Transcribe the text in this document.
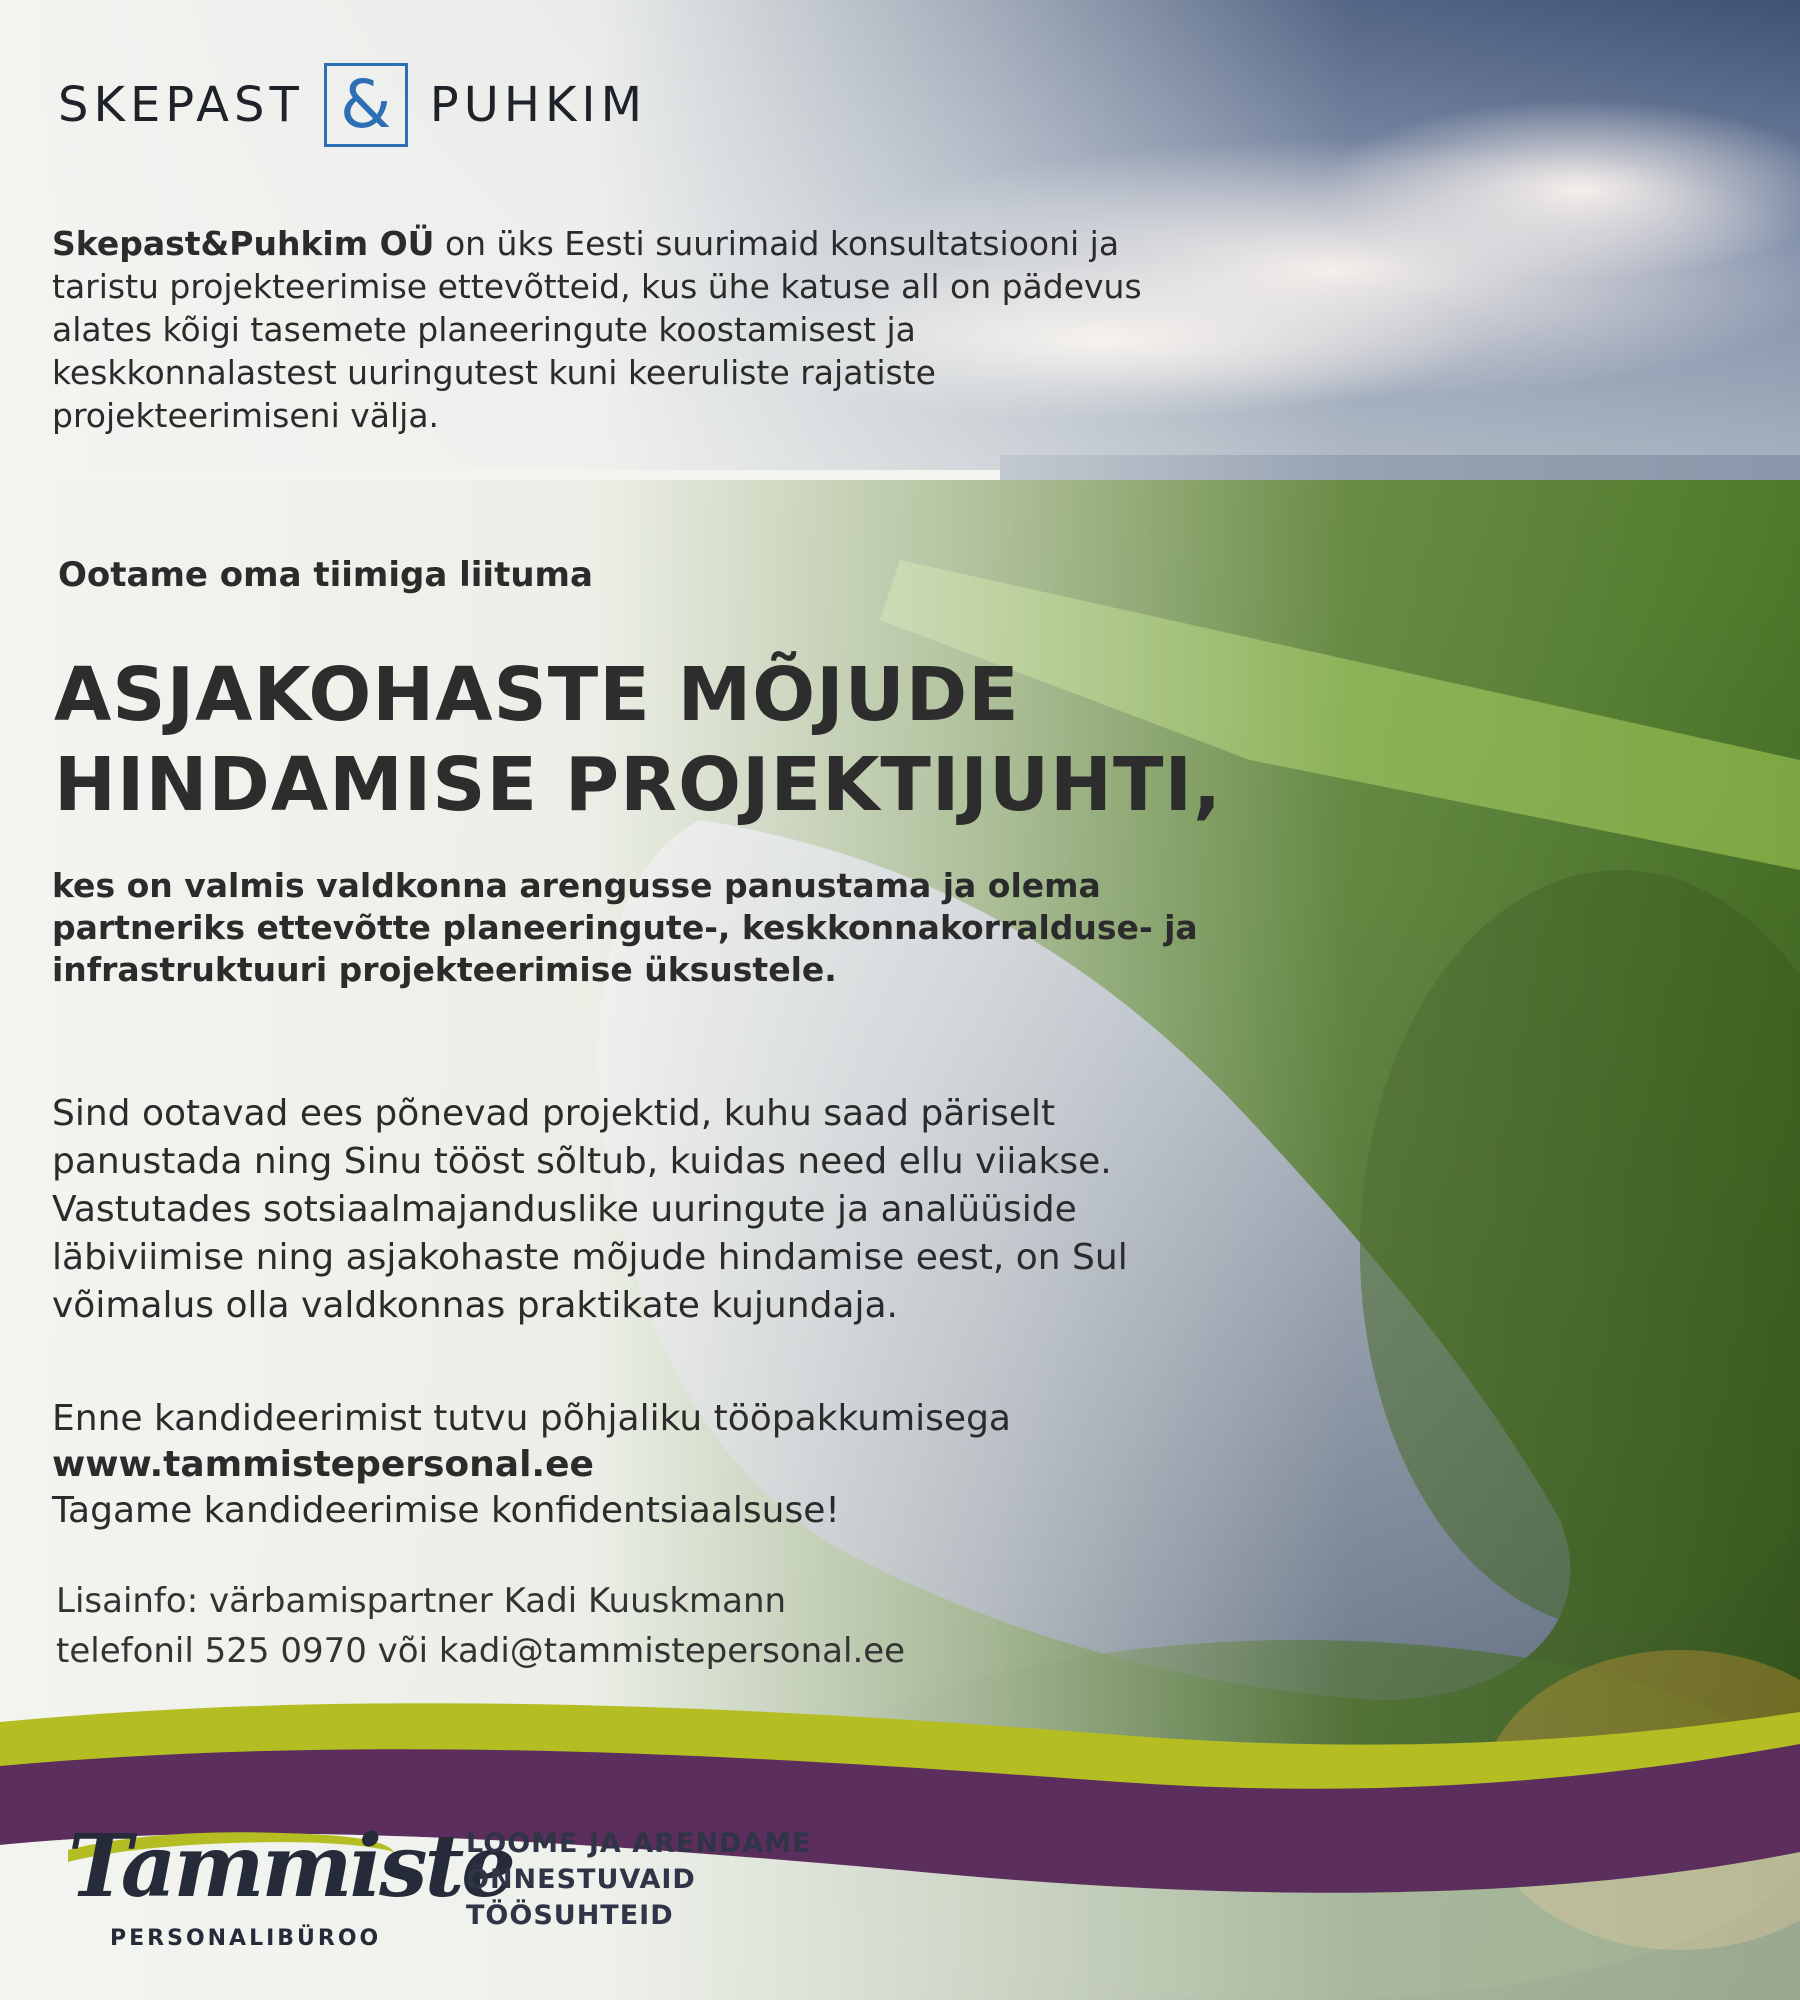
SKEPAST & PUHKIM
Skepast&Puhkim OÜ on üks Eesti suurimaid konsultatsiooni ja taristu projekteerimise ettevõtteid, kus ühe katuse all on pädevus alates kõigi tasemete planeeringute koostamisest ja keskkonnalastest uuringutest kuni keeruliste rajatiste projekteerimiseni välja.
Ootame oma tiimiga liituma
ASJAKOHASTE MÕJUDE
HINDAMISE PROJEKTIJUHTI,
kes on valmis valdkonna arengusse panustama ja olema partneriks ettevõtte planeeringute-, keskkonnakorralduse- ja infrastruktuuri projekteerimise üksustele.
Sind ootavad ees põnevad projektid, kuhu saad päriselt panustada ning Sinu tööst sõltub, kuidas need ellu viiakse. Vastutades sotsiaalmajanduslike uuringute ja analüüside läbiviimise ning asjakohaste mõjude hindamise eest, on Sul võimalus olla valdkonnas praktikate kujundaja.
Enne kandideerimist tutvu põhjaliku tööpakkumisega
www.tammistepersonal.ee
Tagame kandideerimise konfidentsiaalsuse!
Lisainfo: värbamispartner Kadi Kuuskmann
telefonil 525 0970 või kadi@tammistepersonal.ee
Tammiste
PERSONALIBÜROO
LOOME JA ARENDAME
ÕNNESTUVAID
TÖÖSUHTEID
